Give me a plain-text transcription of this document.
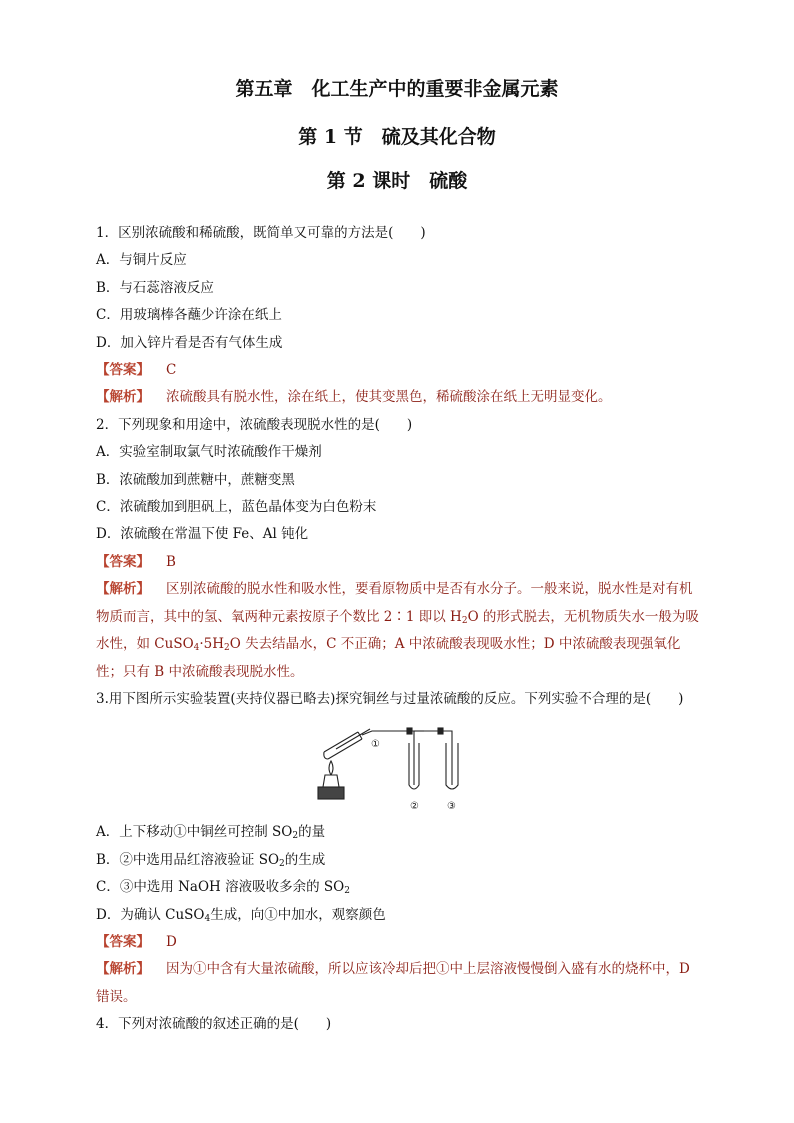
第五章　化工生产中的重要非金属元素
第 1 节　硫及其化合物
第 2 课时　硫酸
1．区别浓硫酸和稀硫酸，既简单又可靠的方法是(　　)
A．与铜片反应
B．与石蕊溶液反应
C．用玻璃棒各蘸少许涂在纸上
D．加入锌片看是否有气体生成
【答案】 C
【解析】 浓硫酸具有脱水性，涂在纸上，使其变黑色，稀硫酸涂在纸上无明显变化。
2．下列现象和用途中，浓硫酸表现脱水性的是(　　)
A．实验室制取氯气时浓硫酸作干燥剂
B．浓硫酸加到蔗糖中，蔗糖变黑
C．浓硫酸加到胆矾上，蓝色晶体变为白色粉末
D．浓硫酸在常温下使 Fe、Al 钝化
【答案】 B
【解析】 区别浓硫酸的脱水性和吸水性，要看原物质中是否有水分子。一般来说，脱水性是对有机物质而言，其中的氢、氧两种元素按原子个数比 2∶1 即以 $H_2O$ 的形式脱去，无机物质失水一般为吸水性，如 $CuSO_4\cdot 5H_2O$ 失去结晶水，C 不正确；A 中浓硫酸表现吸水性；D 中浓硫酸表现强氧化性；只有 B 中浓硫酸表现脱水性。
3.用下图所示实验装置(夹持仪器已略去)探究铜丝与过量浓硫酸的反应。下列实验不合理的是(　　)
①
②	③
A．上下移动①中铜丝可控制 $SO_2$的量
B．②中选用品红溶液验证 $SO_2$的生成
C．③中选用 NaOH 溶液吸收多余的 $SO_2$
D．为确认 CuSO$_4$生成，向①中加水，观察颜色
【答案】 D
【解析】 因为①中含有大量浓硫酸，所以应该冷却后把①中上层溶液慢慢倒入盛有水的烧杯中，D 错误。
4．下列对浓硫酸的叙述正确的是(　　)
